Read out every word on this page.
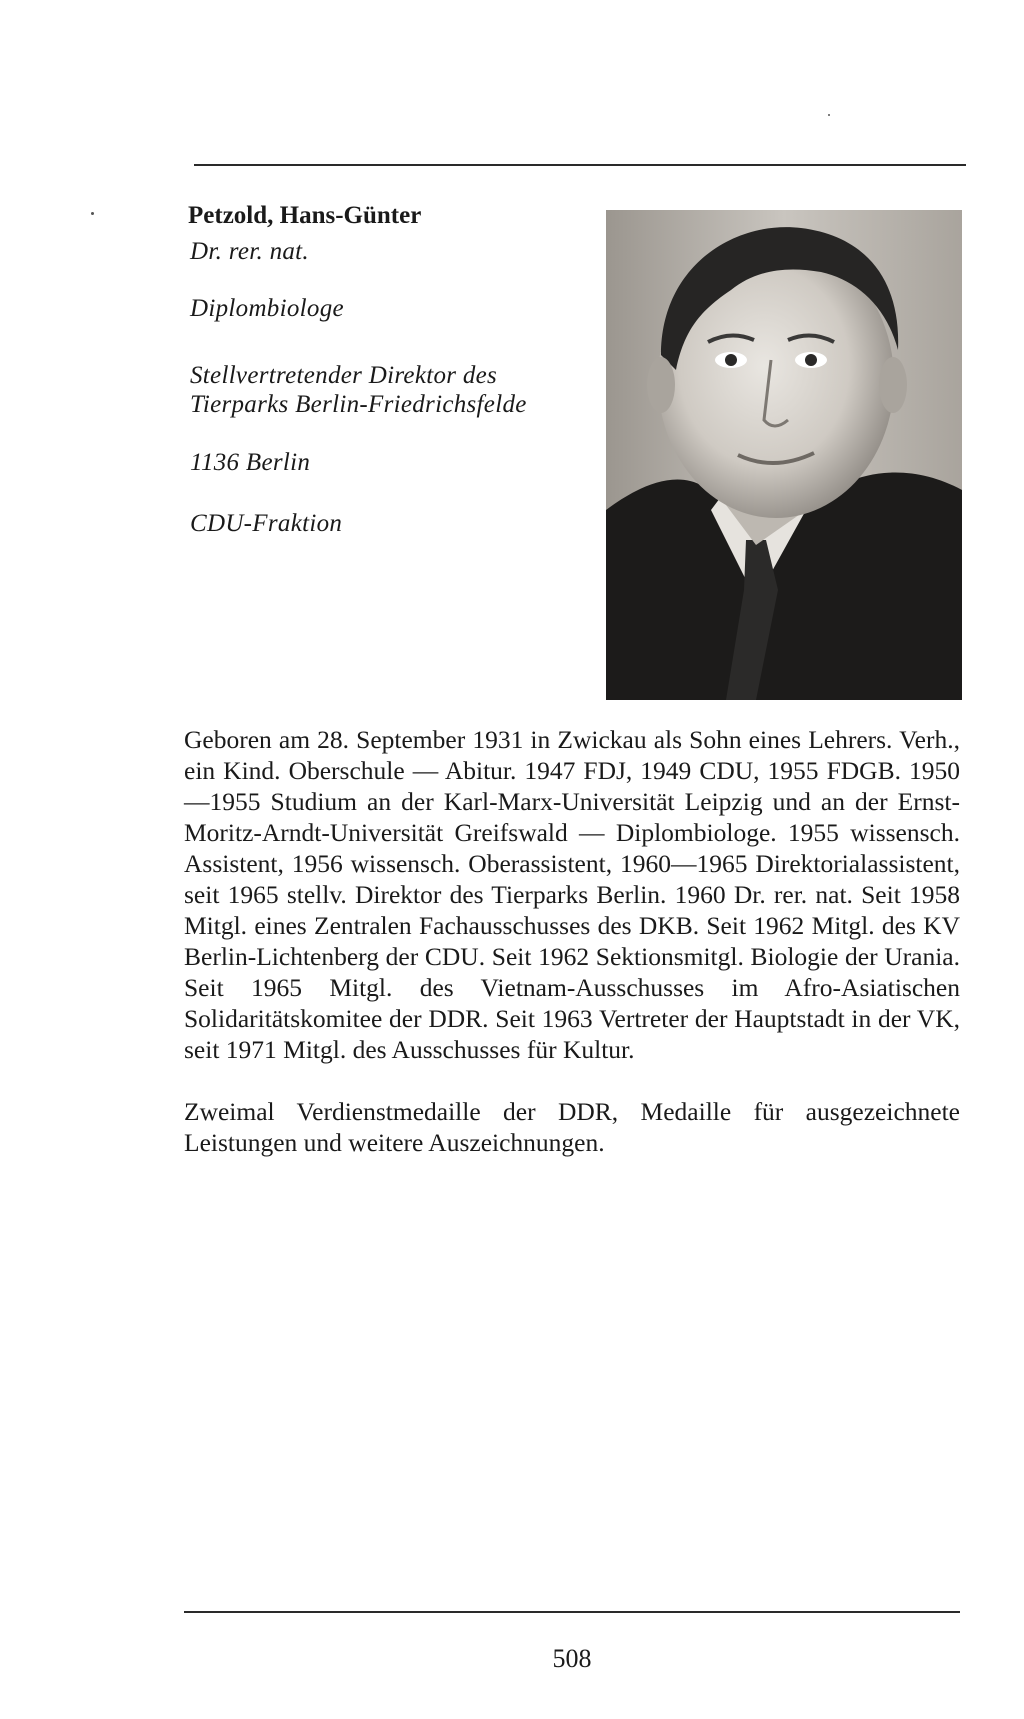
Petzold, Hans-Günter
Dr. rer. nat.
Diplombiologe
Stellvertretender Direktor des
Tierparks Berlin-Friedrichsfelde
1136 Berlin
CDU-Fraktion
Geboren am 28. September 1931 in Zwickau als Sohn eines Lehrers. Verh., ein Kind. Oberschule — Abitur. 1947 FDJ, 1949 CDU, 1955 FDGB. 1950—1955 Studium an der Karl-Marx-Universität Leipzig und an der Ernst-Moritz-Arndt-Universität Greifswald — Diplombiologe. 1955 wissensch. Assistent, 1956 wissensch. Oberassistent, 1960—1965 Direktorialassistent, seit 1965 stellv. Direktor des Tierparks Berlin. 1960 Dr. rer. nat. Seit 1958 Mitgl. eines Zentralen Fachausschusses des DKB. Seit 1962 Mitgl. des KV Berlin-Lichtenberg der CDU. Seit 1962 Sektionsmitgl. Biologie der Urania. Seit 1965 Mitgl. des Vietnam-Ausschusses im Afro-Asiatischen Solidaritätskomitee der DDR. Seit 1963 Vertreter der Hauptstadt in der VK, seit 1971 Mitgl. des Ausschusses für Kultur.
Zweimal Verdienstmedaille der DDR, Medaille für ausgezeichnete Leistungen und weitere Auszeichnungen.
508
